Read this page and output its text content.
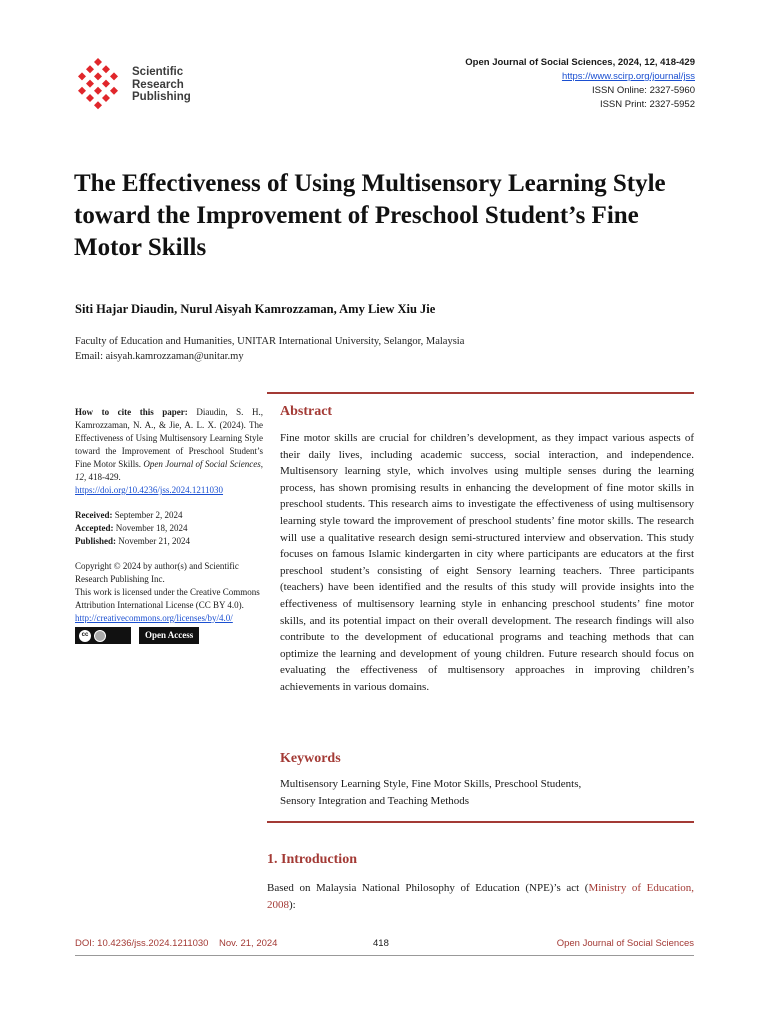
Scientific
Research
Publishing
Open Journal of Social Sciences, 2024, 12, 418-429
https://www.scirp.org/journal/jss
ISSN Online: 2327-5960
ISSN Print: 2327-5952
The Effectiveness of Using Multisensory Learning Style toward the Improvement of Preschool Student’s Fine Motor Skills
Siti Hajar Diaudin, Nurul Aisyah Kamrozzaman, Amy Liew Xiu Jie
Faculty of Education and Humanities, UNITAR International University, Selangor, Malaysia
Email: aisyah.kamrozzaman@unitar.my
How to cite this paper: Diaudin, S. H., Kamrozzaman, N. A., & Jie, A. L. X. (2024). The Effectiveness of Using Multisensory Learning Style toward the Improvement of Preschool Student’s Fine Motor Skills. Open Journal of Social Sciences, 12, 418-429.
https://doi.org/10.4236/jss.2024.1211030
Received: September 2, 2024
Accepted: November 18, 2024
Published: November 21, 2024
Copyright © 2024 by author(s) and Scientific Research Publishing Inc.
This work is licensed under the Creative Commons Attribution International License (CC BY 4.0).
http://creativecommons.org/licenses/by/4.0/
cc	Open Access
Abstract
Fine motor skills are crucial for children’s development, as they impact various aspects of their daily lives, including academic success, social interaction, and independence. Multisensory learning style, which involves using multiple senses during the learning process, has shown promising results in enhancing the development of fine motor skills in preschool students. This research aims to investigate the effectiveness of using multisensory learning style toward the improvement of preschool students’ fine motor skills. The research will use a qualitative research design semi-structured interview and observation. This study focuses on famous Islamic kindergarten in city where participants are educators at the first preschool student’s consisting of eight Sensory learning teachers. Three participants (teachers) have been identified and the results of this study will provide insights into the effectiveness of multisensory learning style in enhancing preschool students’ fine motor skills, and its potential impact on their overall development. The research findings will also contribute to the development of educational programs and teaching methods that can optimize the learning and development of young children. Future research should focus on evaluating the effectiveness of multisensory approaches in improving children’s achievements in various domains.
Keywords
Multisensory Learning Style, Fine Motor Skills, Preschool Students,
Sensory Integration and Teaching Methods
1. Introduction
Based on Malaysia National Philosophy of Education (NPE)’s act (Ministry of Education, 2008):
DOI: 10.4236/jss.2024.1211030    Nov. 21, 2024	418	Open Journal of Social Sciences
